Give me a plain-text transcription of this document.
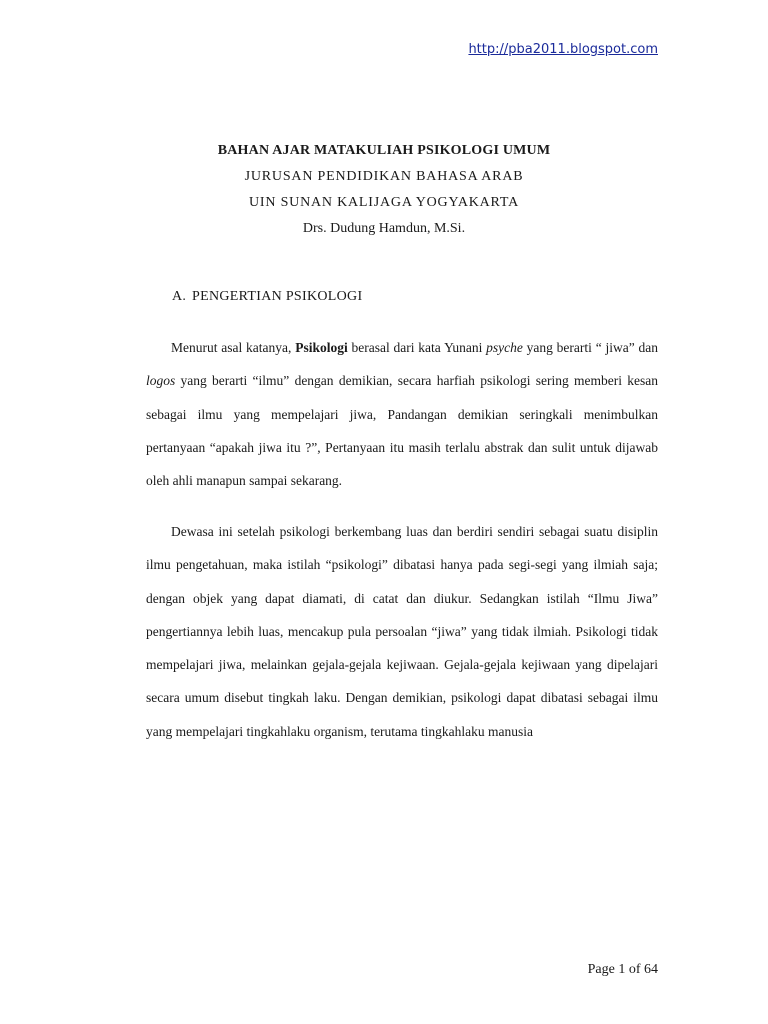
http://pba2011.blogspot.com
BAHAN AJAR MATAKULIAH PSIKOLOGI UMUM
JURUSAN PENDIDIKAN BAHASA ARAB
UIN SUNAN KALIJAGA YOGYAKARTA
Drs. Dudung Hamdun, M.Si.
A. PENGERTIAN PSIKOLOGI
Menurut asal katanya, Psikologi berasal dari kata Yunani psyche yang berarti “ jiwa” dan logos yang berarti “ilmu” dengan demikian, secara harfiah psikologi sering memberi kesan sebagai ilmu yang mempelajari jiwa, Pandangan demikian seringkali menimbulkan pertanyaan “apakah jiwa itu ?”, Pertanyaan itu masih terlalu abstrak dan sulit untuk dijawab oleh ahli manapun sampai sekarang.
Dewasa ini setelah psikologi berkembang luas dan berdiri sendiri sebagai suatu disiplin ilmu pengetahuan, maka istilah “psikologi” dibatasi hanya pada segi-segi yang ilmiah saja; dengan objek yang dapat diamati, di catat dan diukur. Sedangkan istilah “Ilmu Jiwa” pengertiannya lebih luas, mencakup pula persoalan “jiwa” yang tidak ilmiah. Psikologi tidak mempelajari jiwa, melainkan gejala-gejala kejiwaan. Gejala-gejala kejiwaan yang dipelajari secara umum disebut tingkah laku. Dengan demikian, psikologi dapat dibatasi sebagai ilmu yang mempelajari tingkahlaku organism, terutama tingkahlaku manusia
Page 1 of 64
